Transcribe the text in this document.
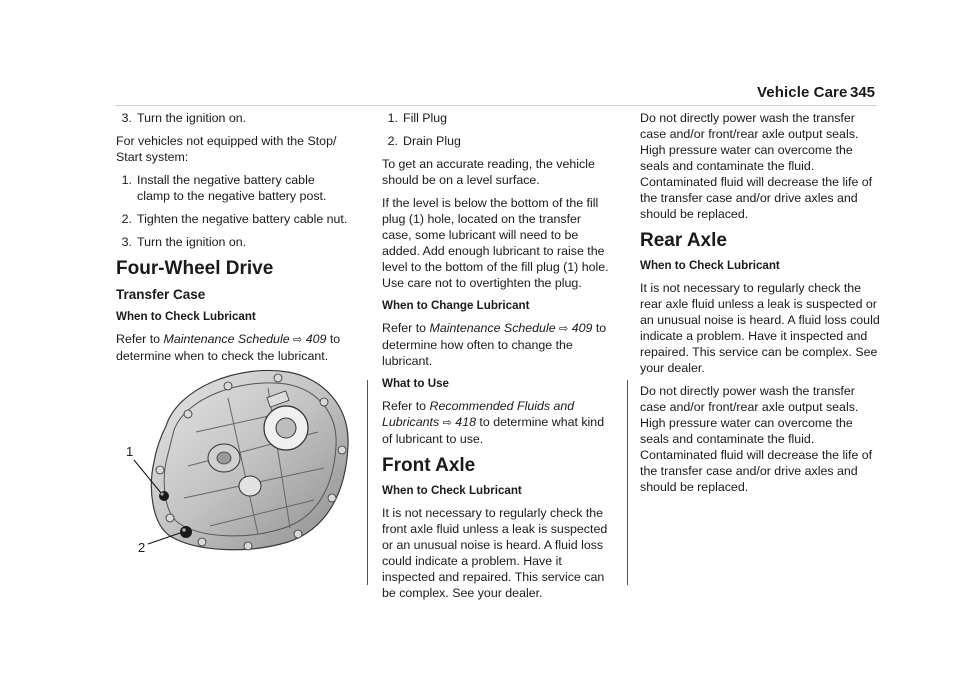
Vehicle Care 345
3. Turn the ignition on.

For vehicles not equipped with the Stop/ Start system:

1. Install the negative battery cable clamp to the negative battery post.
2. Tighten the negative battery cable nut.
3. Turn the ignition on.
Four-Wheel Drive
Transfer Case
When to Check Lubricant

Refer to Maintenance Schedule ⇨ 409 to determine when to check the lubricant.

1
2
1. Fill Plug
2. Drain Plug

To get an accurate reading, the vehicle should be on a level surface.

If the level is below the bottom of the fill plug (1) hole, located on the transfer case, some lubricant will need to be added. Add enough lubricant to raise the level to the bottom of the fill plug (1) hole. Use care not to overtighten the plug.

When to Change Lubricant

Refer to Maintenance Schedule ⇨ 409 to determine how often to change the lubricant.

What to Use

Refer to Recommended Fluids and Lubricants ⇨ 418 to determine what kind of lubricant to use.

Front Axle
When to Check Lubricant

It is not necessary to regularly check the front axle fluid unless a leak is suspected or an unusual noise is heard. A fluid loss could indicate a problem. Have it inspected and repaired. This service can be complex. See your dealer.

Do not directly power wash the transfer case and/or front/rear axle output seals. High pressure water can overcome the seals and contaminate the fluid. Contaminated fluid will decrease the life of the transfer case and/or drive axles and should be replaced.

Rear Axle
When to Check Lubricant

It is not necessary to regularly check the rear axle fluid unless a leak is suspected or an unusual noise is heard. A fluid loss could indicate a problem. Have it inspected and repaired. This service can be complex. See your dealer.

Do not directly power wash the transfer case and/or front/rear axle output seals. High pressure water can overcome the seals and contaminate the fluid. Contaminated fluid will decrease the life of the transfer case and/or drive axles and should be replaced.
